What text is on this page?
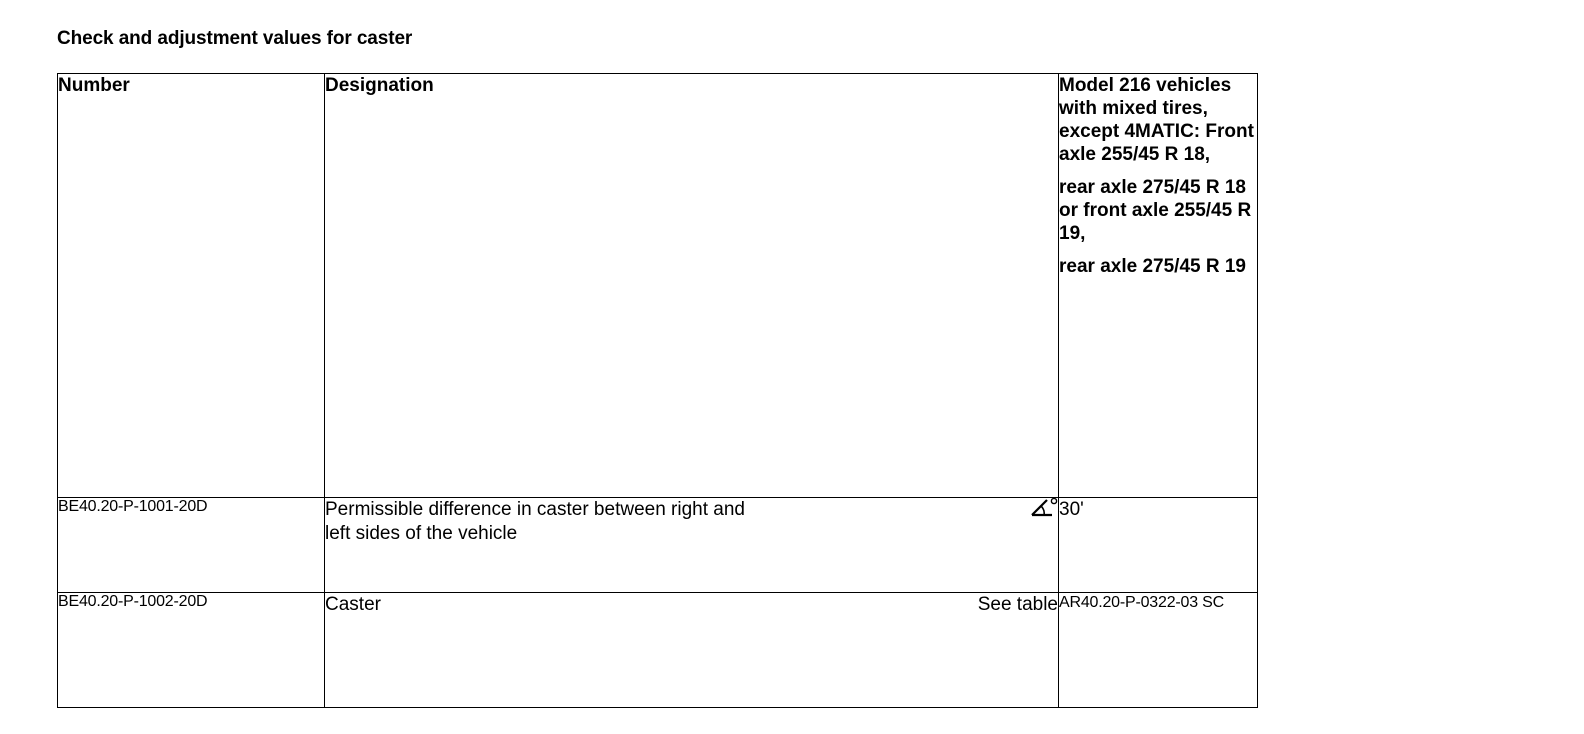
Check and adjustment values for caster
Number	Designation	Model 216 vehicles with mixed tires, except 4MATIC: Front axle 255/45 R 18,

rear axle 275/45 R 18 or front axle 255/45 R 19,

rear axle 275/45 R 19

BE40.20-P-1001-20D	Permissible difference in caster between right and left sides of the vehicle	30'
BE40.20-P-1002-20D	Caster See table	AR40.20-P-0322-03 SC
